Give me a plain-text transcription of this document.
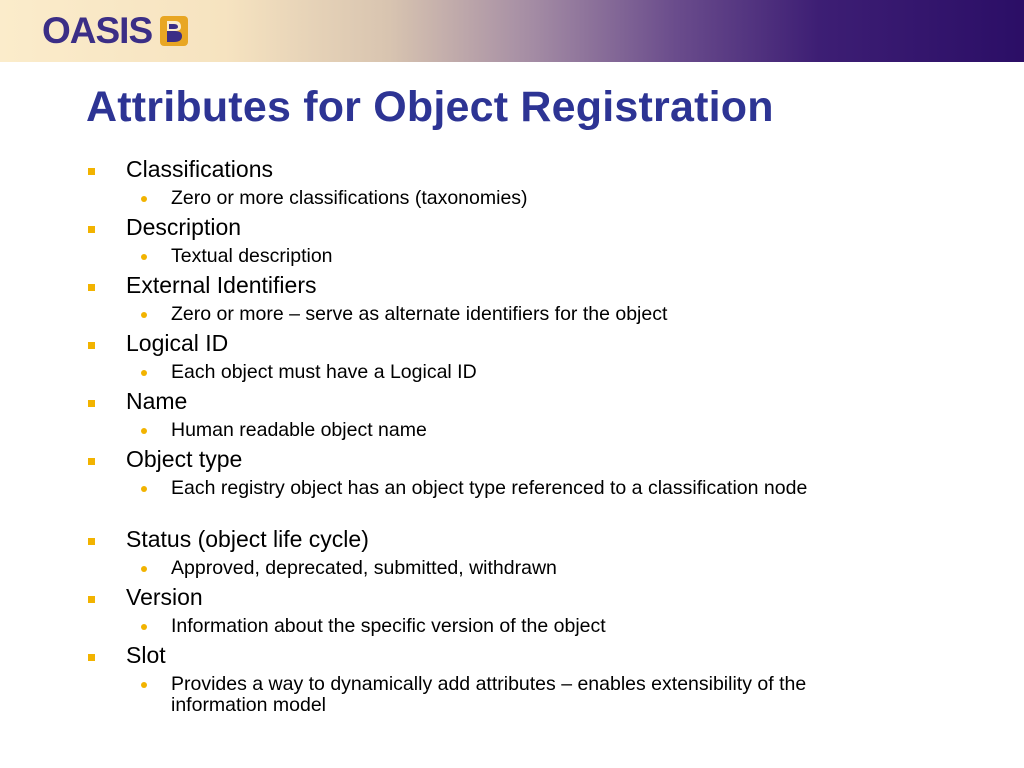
OASIS
Attributes for Object Registration
Classifications
Zero or more classifications (taxonomies)
Description
Textual description
External Identifiers
Zero or more – serve as alternate identifiers for the object
Logical ID
Each object must have a Logical ID
Name
Human readable object name
Object type
Each registry object has an object type referenced to a classification node
Status (object life cycle)
Approved, deprecated, submitted, withdrawn
Version
Information about the specific version of the object
Slot
Provides a way to dynamically add attributes – enables extensibility of the information model
